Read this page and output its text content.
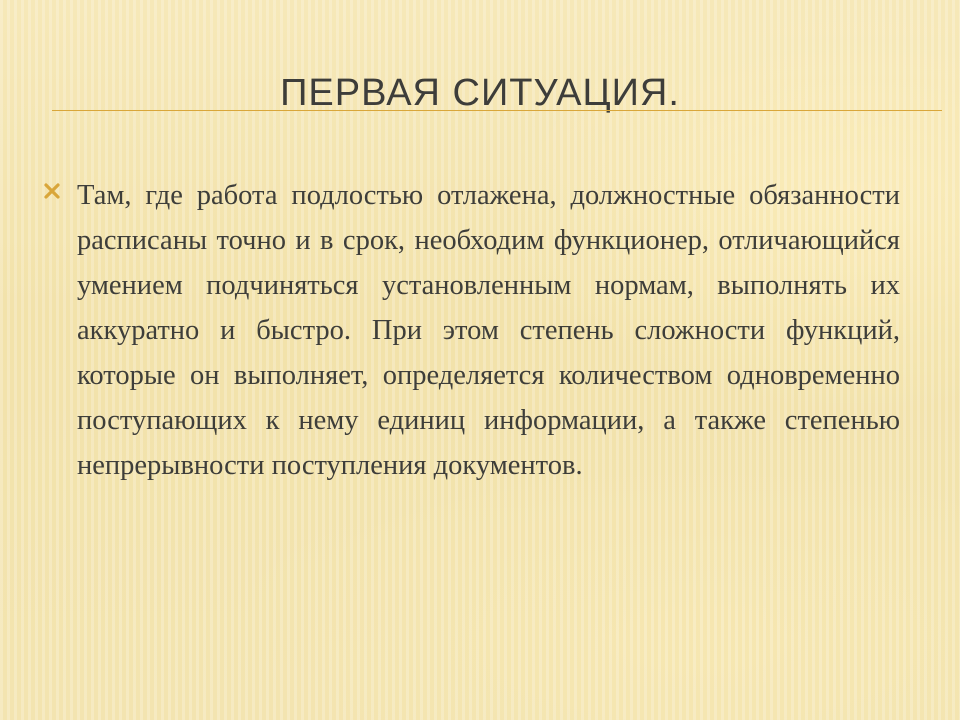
ПЕРВАЯ СИТУАЦИЯ.

Там, где работа подлостью отлажена, должностные обязанности расписаны точно и в срок, необходим функционер, отличающийся умением подчиняться установленным нормам, выполнять их аккуратно и быстро. При этом степень сложности функций, которые он выполняет, определяется количеством одновременно поступающих к нему единиц информации, а также степенью непрерывности поступления документов.
